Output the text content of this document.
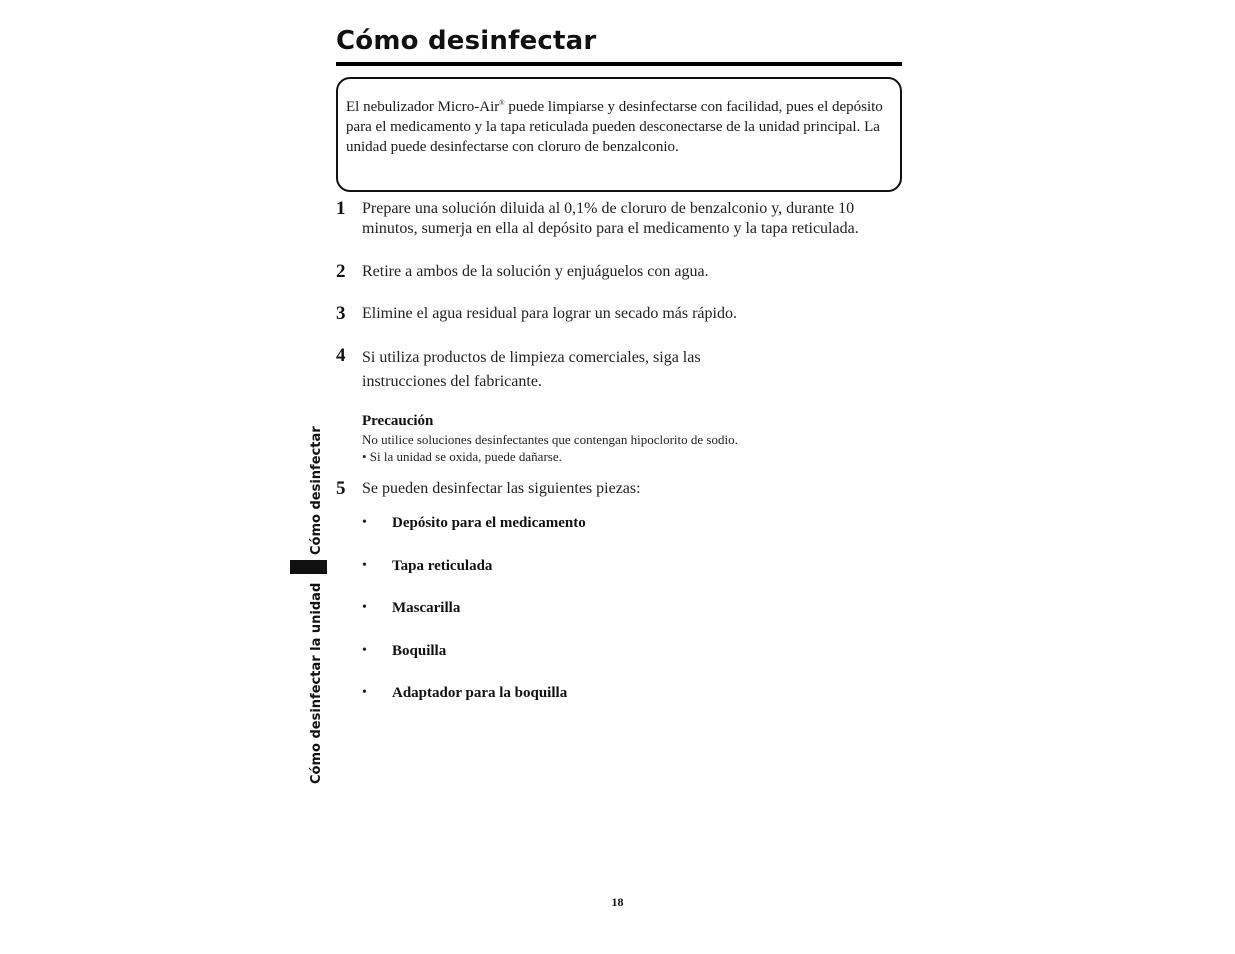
Cómo desinfectar
El nebulizador Micro-Air® puede limpiarse y desinfectarse con facilidad, pues el depósito para el medicamento y la tapa reticulada pueden desconectarse de la unidad principal. La unidad puede desinfectarse con cloruro de benzalconio.
1 Prepare una solución diluida al 0,1% de cloruro de benzalconio y, durante 10 minutos, sumerja en ella al depósito para el medicamento y la tapa reticulada.
2 Retire a ambos de la solución y enjuáguelos con agua.
3 Elimine el agua residual para lograr un secado más rápido.
4 Si utiliza productos de limpieza comerciales, siga las instrucciones del fabricante.
Precaución
No utilice soluciones desinfectantes que contengan hipoclorito de sodio.
• Si la unidad se oxida, puede dañarse.
5 Se pueden desinfectar las siguientes piezas:
• Depósito para el medicamento
• Tapa reticulada
• Mascarilla
• Boquilla
• Adaptador para la boquilla
Cómo desinfectar
Cómo desinfectar la unidad
18
